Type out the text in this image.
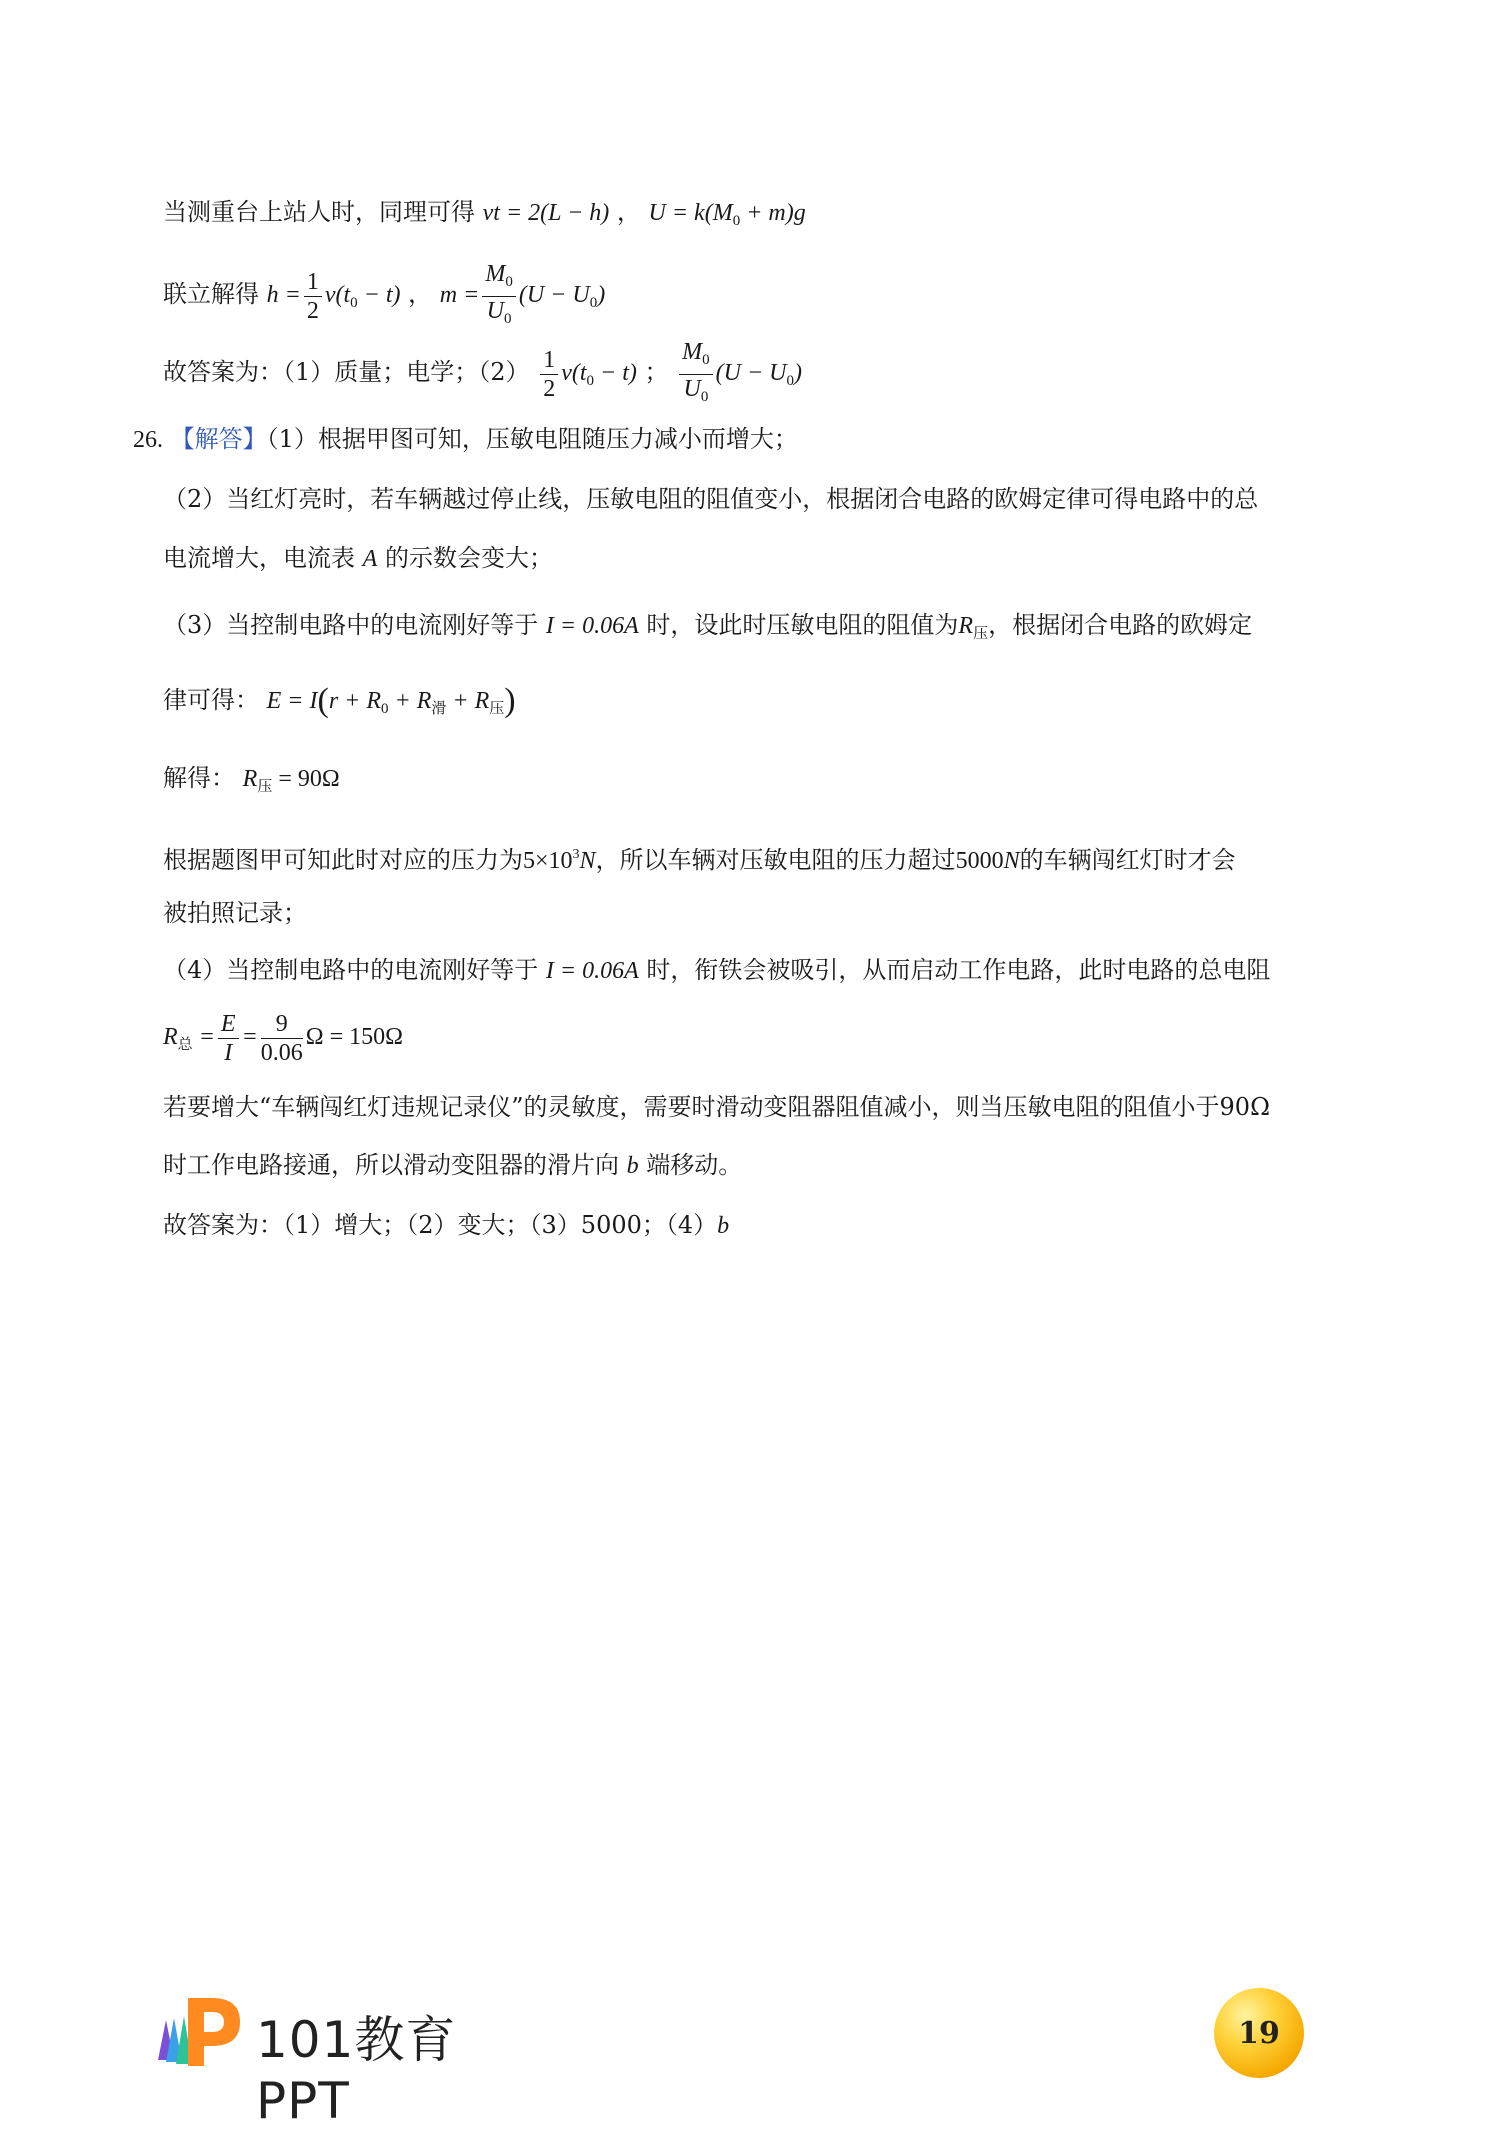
当测重台上站人时，同理可得 vt = 2(L − h) ， $U = k(M_0 + m)g$
联立解得 $h = \frac{1}{2} v(t_0 - t)$ ， $m = \frac{M_0}{U_0} (U - U_0)$
故答案为：（1）质量；电学；$(2) \frac{1}{2} v(t_0 - t)$ ； $\frac{M_0}{U_0} (U - U_0)$
26. 【解答】（1）根据甲图可知，压敏电阻随压力减小而增大；
（2）当红灯亮时，若车辆越过停止线，压敏电阻的阻值变小，根据闭合电路的欧姆定律可得电路中的总
电流增大，电流表 A 的示数会变大；
（3）当控制电路中的电流刚好等于 I = 0.06A 时，设此时压敏电阻的阻值为$R_压$，根据闭合电路的欧姆定
律可得： $E = I(r + R_0 + R_滑 + R_压)$
解得： $R_压 = 90\Omega$
根据题图甲可知此时对应的压力为$5\times 10^3N$，所以车辆对压敏电阻的压力超过5000N的车辆闯红灯时才会
被拍照记录；
（4）当控制电路中的电流刚好等于 I = 0.06A 时，衔铁会被吸引，从而启动工作电路，此时电路的总电阻
$R_总 = \frac{E}{I} = \frac{9}{0.06}$ Ω = 150Ω
若要增大“车辆闯红灯违规记录仪”的灵敏度，需要时滑动变阻器阻值减小，则当压敏电阻的阻值小于90Ω
时工作电路接通，所以滑动变阻器的滑片向 b 端移动。
故答案为：（1）增大；（2）变大；（3）5000；（4）b
101教育PPT
19
